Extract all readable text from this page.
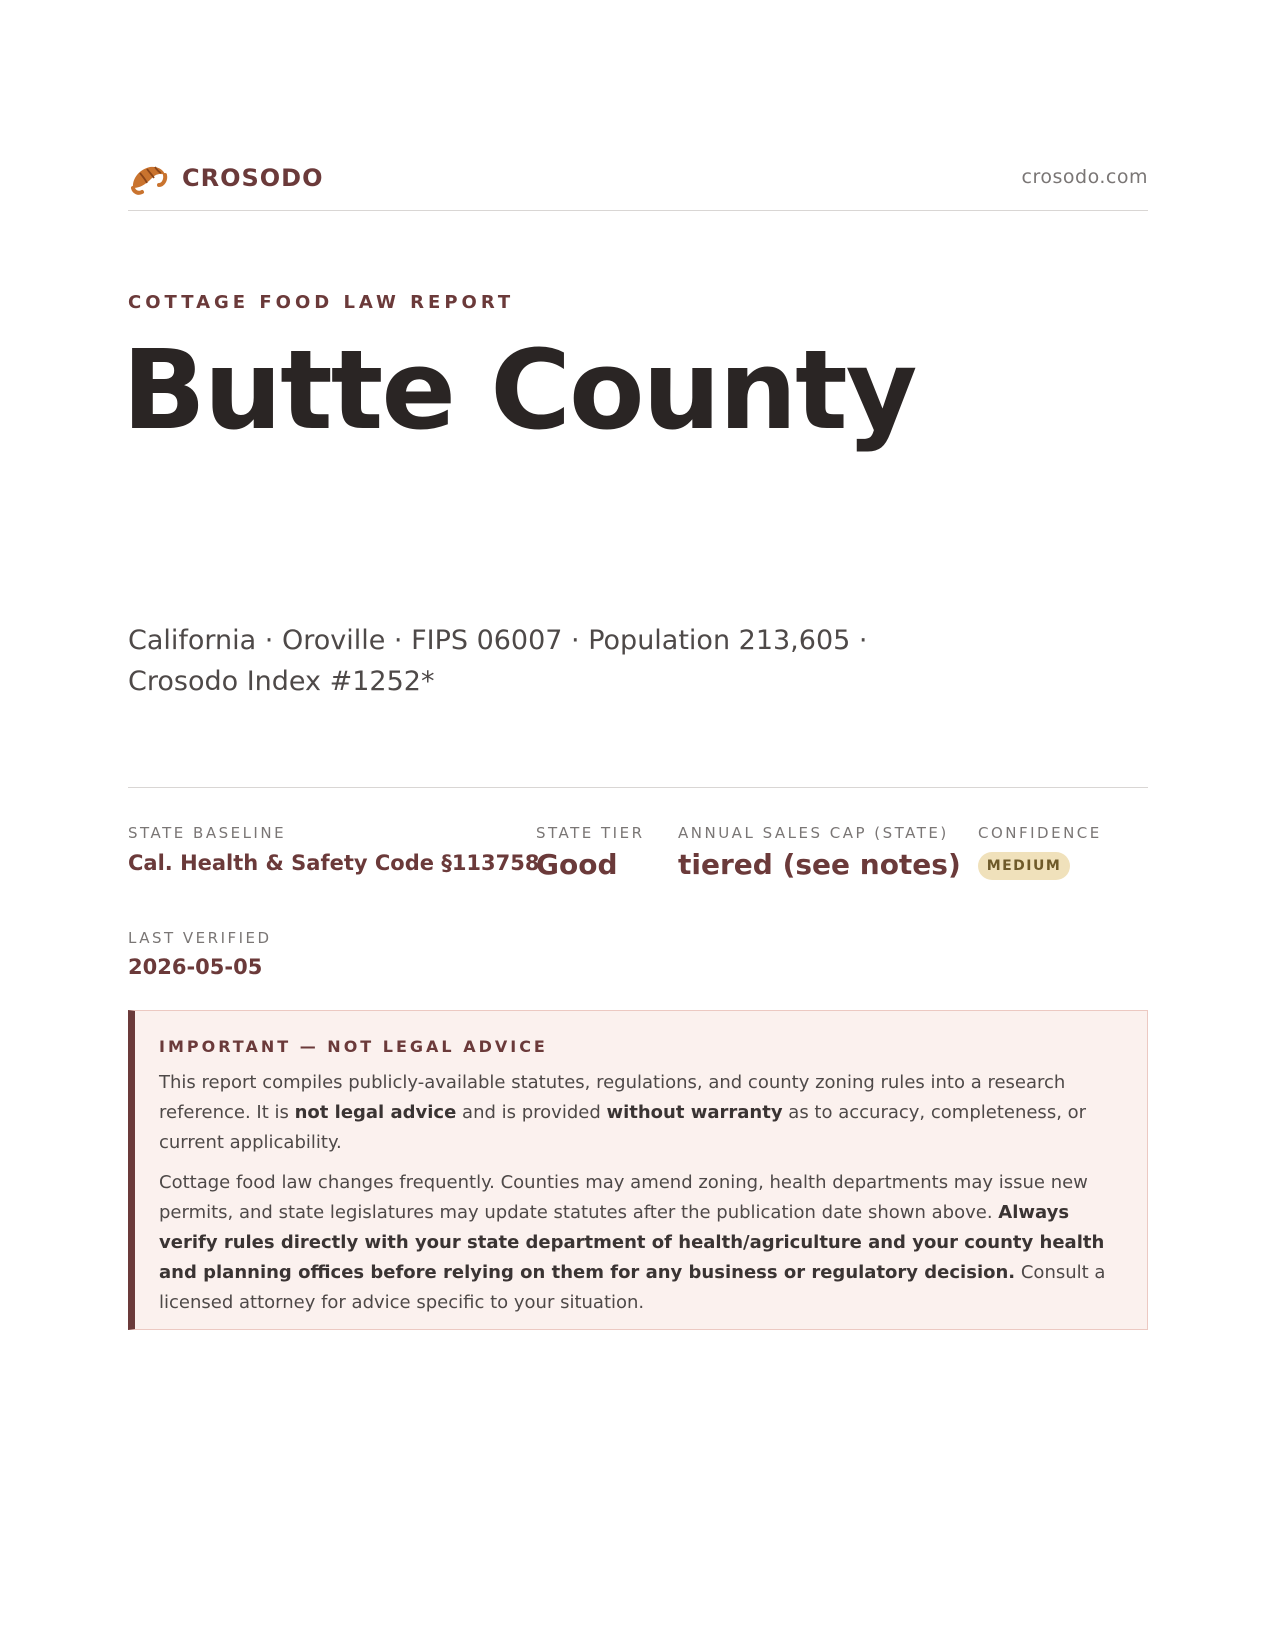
CROSODO	crosodo.com
COTTAGE FOOD LAW REPORT
Butte County
California · Oroville · FIPS 06007 · Population 213,605 · Crosodo Index #1252*
STATE BASELINE
Cal. Health & Safety Code §113758
STATE TIER
Good
ANNUAL SALES CAP (STATE)
tiered (see notes)
CONFIDENCE
MEDIUM
LAST VERIFIED
2026-05-05
IMPORTANT — NOT LEGAL ADVICE

This report compiles publicly-available statutes, regulations, and county zoning rules into a research reference. It is not legal advice and is provided without warranty as to accuracy, completeness, or current applicability.

Cottage food law changes frequently. Counties may amend zoning, health departments may issue new permits, and state legislatures may update statutes after the publication date shown above. Always verify rules directly with your state department of health/agriculture and your county health and planning offices before relying on them for any business or regulatory decision. Consult a licensed attorney for advice specific to your situation.
